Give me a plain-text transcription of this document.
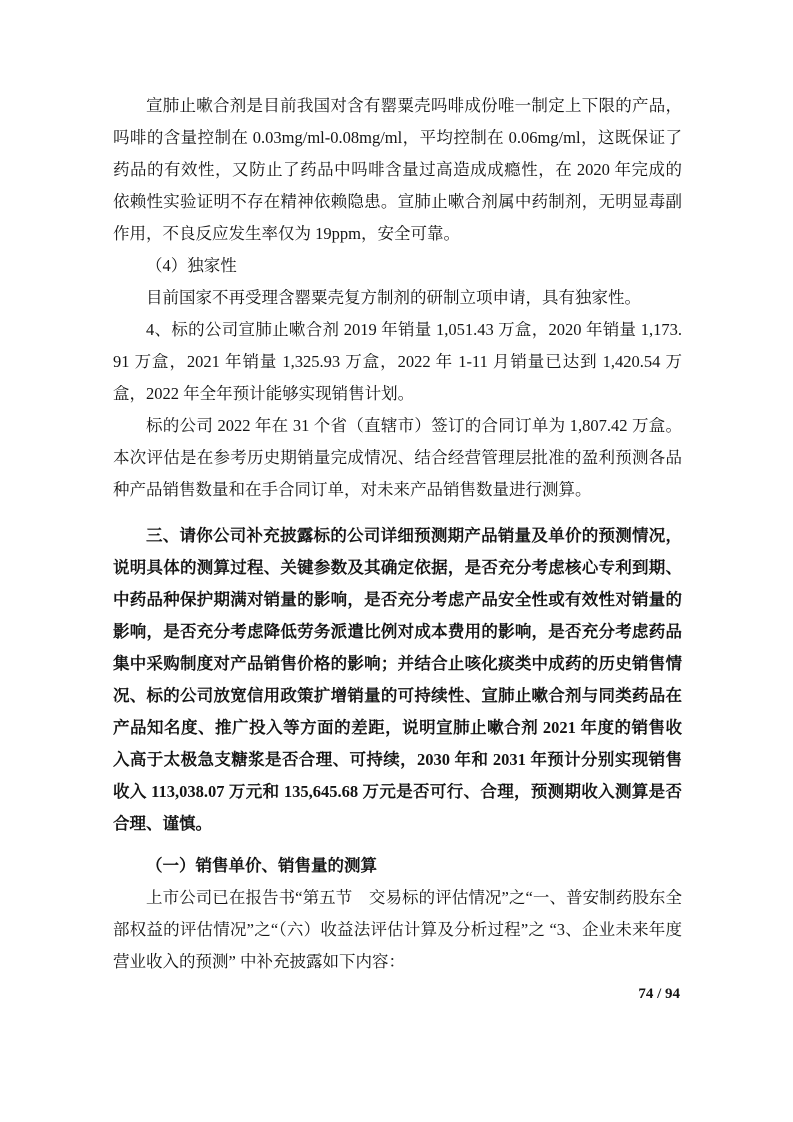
宣肺止嗽合剂是目前我国对含有罂粟壳吗啡成份唯一制定上下限的产品，吗啡的含量控制在 0.03mg/ml-0.08mg/ml，平均控制在 0.06mg/ml，这既保证了药品的有效性，又防止了药品中吗啡含量过高造成成瘾性，在 2020 年完成的依赖性实验证明不存在精神依赖隐患。宣肺止嗽合剂属中药制剂，无明显毒副作用，不良反应发生率仅为 19ppm，安全可靠。

（4）独家性

目前国家不再受理含罂粟壳复方制剂的研制立项申请，具有独家性。

4、标的公司宣肺止嗽合剂 2019 年销量 1,051.43 万盒，2020 年销量 1,173.91 万盒，2021 年销量 1,325.93 万盒，2022 年 1-11 月销量已达到 1,420.54 万盒，2022 年全年预计能够实现销售计划。

标的公司 2022 年在 31 个省（直辖市）签订的合同订单为 1,807.42 万盒。本次评估是在参考历史期销量完成情况、结合经营管理层批准的盈利预测各品种产品销售数量和在手合同订单，对未来产品销售数量进行测算。

三、请你公司补充披露标的公司详细预测期产品销量及单价的预测情况，说明具体的测算过程、关键参数及其确定依据，是否充分考虑核心专利到期、中药品种保护期满对销量的影响，是否充分考虑产品安全性或有效性对销量的影响，是否充分考虑降低劳务派遣比例对成本费用的影响，是否充分考虑药品集中采购制度对产品销售价格的影响；并结合止咳化痰类中成药的历史销售情况、标的公司放宽信用政策扩增销量的可持续性、宣肺止嗽合剂与同类药品在产品知名度、推广投入等方面的差距，说明宣肺止嗽合剂 2021 年度的销售收入高于太极急支糖浆是否合理、可持续，2030 年和 2031 年预计分别实现销售收入 113,038.07 万元和 135,645.68 万元是否可行、合理，预测期收入测算是否合理、谨慎。

（一）销售单价、销售量的测算

上市公司已在报告书“第五节　交易标的评估情况”之“一、普安制药股东全部权益的评估情况”之“（六）收益法评估计算及分析过程”之 “3、企业未来年度营业收入的预测” 中补充披露如下内容：

74 / 94
